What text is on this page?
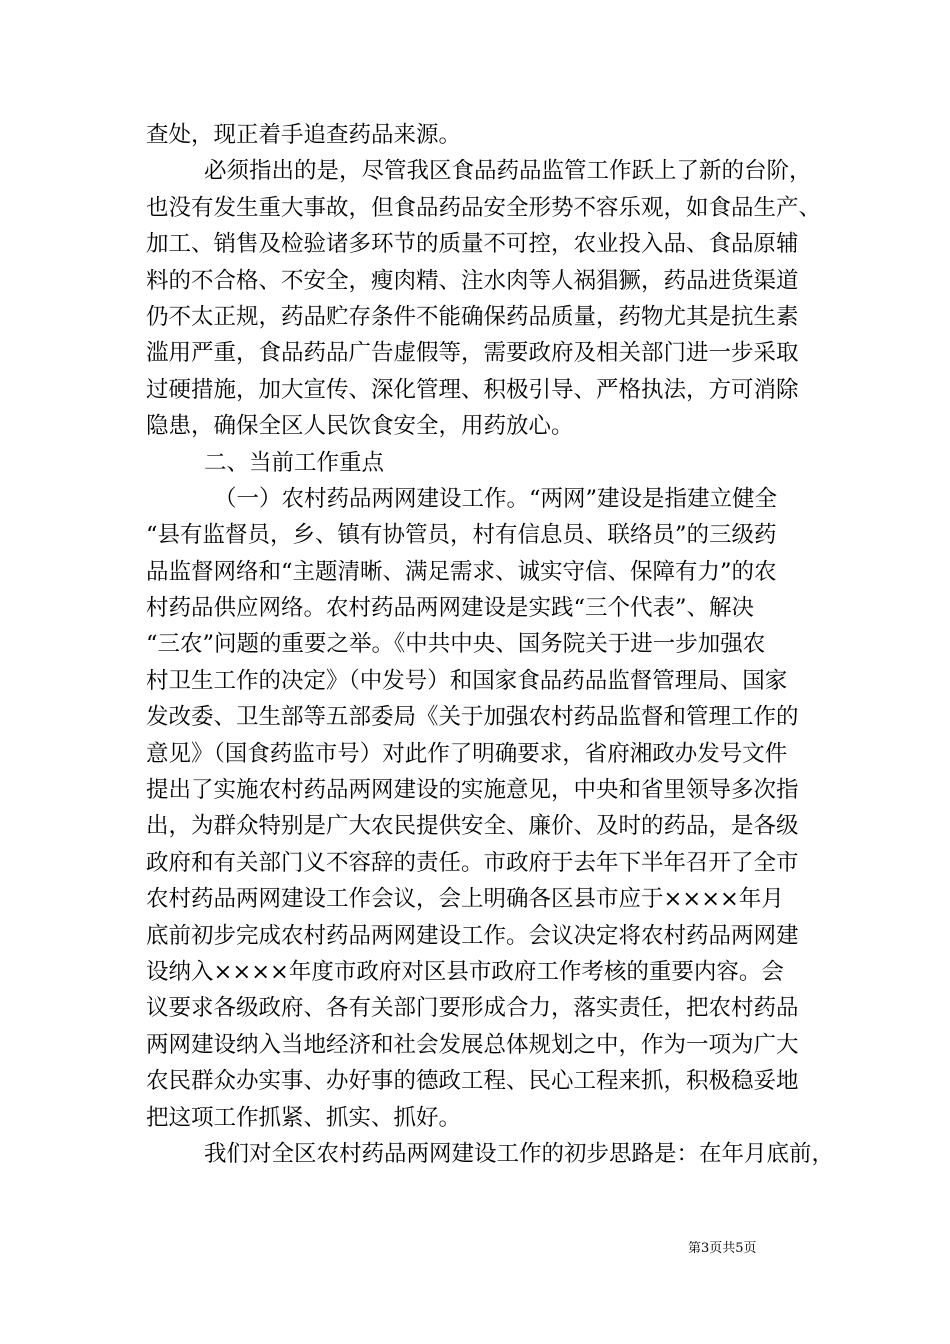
查处，现正着手追查药品来源。
必须指出的是，尽管我区食品药品监管工作跃上了新的台阶，
也没有发生重大事故，但食品药品安全形势不容乐观，如食品生产、
加工、销售及检验诸多环节的质量不可控，农业投入品、食品原辅
料的不合格、不安全，瘦肉精、注水肉等人祸猖獗，药品进货渠道
仍不太正规，药品贮存条件不能确保药品质量，药物尤其是抗生素
滥用严重，食品药品广告虚假等，需要政府及相关部门进一步采取
过硬措施，加大宣传、深化管理、积极引导、严格执法，方可消除
隐患，确保全区人民饮食安全，用药放心。
二、当前工作重点
（一）农村药品两网建设工作。“两网”建设是指建立健全
“县有监督员，乡、镇有协管员，村有信息员、联络员”的三级药
品监督网络和“主题清晰、满足需求、诚实守信、保障有力”的农
村药品供应网络。农村药品两网建设是实践“三个代表”、解决
“三农”问题的重要之举。《中共中央、国务院关于进一步加强农
村卫生工作的决定》（中发号）和国家食品药品监督管理局、国家
发改委、卫生部等五部委局《关于加强农村药品监督和管理工作的
意见》（国食药监市号）对此作了明确要求，省府湘政办发号文件
提出了实施农村药品两网建设的实施意见，中央和省里领导多次指
出，为群众特别是广大农民提供安全、廉价、及时的药品，是各级
政府和有关部门义不容辞的责任。市政府于去年下半年召开了全市
农村药品两网建设工作会议，会上明确各区县市应于××××年月
底前初步完成农村药品两网建设工作。会议决定将农村药品两网建
设纳入××××年度市政府对区县市政府工作考核的重要内容。会
议要求各级政府、各有关部门要形成合力，落实责任，把农村药品
两网建设纳入当地经济和社会发展总体规划之中，作为一项为广大
农民群众办实事、办好事的德政工程、民心工程来抓，积极稳妥地
把这项工作抓紧、抓实、抓好。
我们对全区农村药品两网建设工作的初步思路是：在年月底前，
第3页共5页
